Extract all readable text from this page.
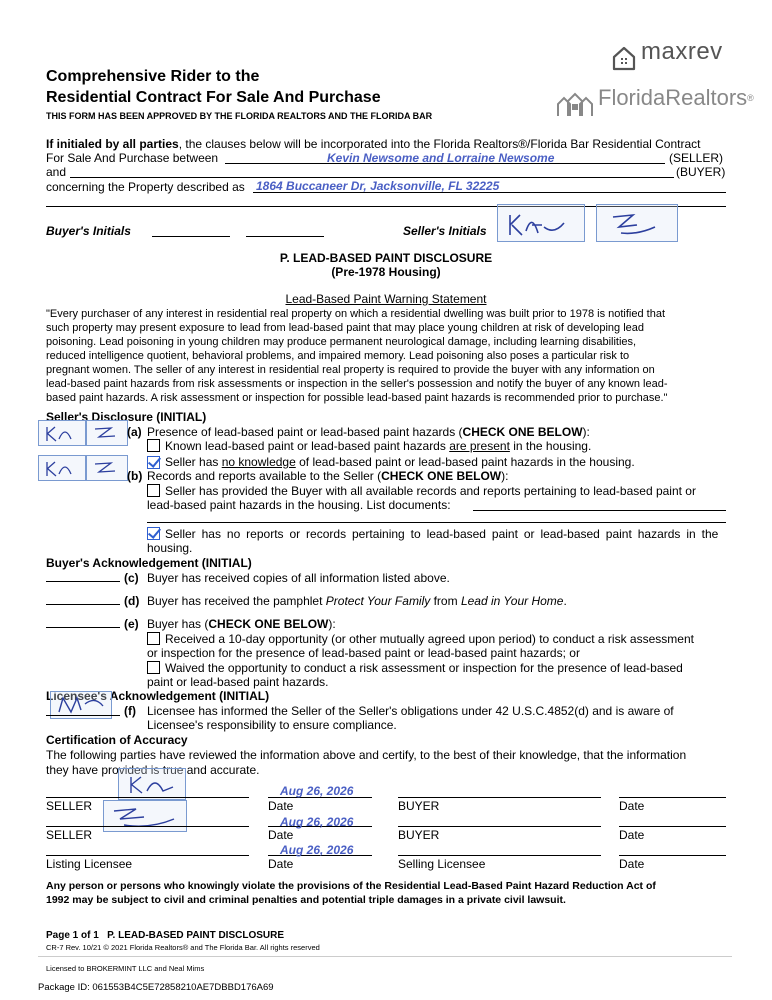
maxrev
FloridaRealtors®
Comprehensive Rider to the
Residential Contract For Sale And Purchase
THIS FORM HAS BEEN APPROVED BY THE FLORIDA REALTORS AND THE FLORIDA BAR
If initialed by all parties, the clauses below will be incorporated into the Florida Realtors®/Florida Bar Residential Contract
For Sale And Purchase between	Kevin Newsome and Lorraine Newsome	(SELLER)
and	(BUYER)
concerning the Property described as 1864 Buccaneer Dr, Jacksonville, FL 32225
Buyer's Initials	Seller's Initials
P. LEAD-BASED PAINT DISCLOSURE
(Pre-1978 Housing)
Lead-Based Paint Warning Statement
"Every purchaser of any interest in residential real property on which a residential dwelling was built prior to 1978 is notified that
such property may present exposure to lead from lead-based paint that may place young children at risk of developing lead
poisoning. Lead poisoning in young children may produce permanent neurological damage, including learning disabilities,
reduced intelligence quotient, behavioral problems, and impaired memory. Lead poisoning also poses a particular risk to
pregnant women. The seller of any interest in residential real property is required to provide the buyer with any information on
lead-based paint hazards from risk assessments or inspection in the seller's possession and notify the buyer of any known lead-
based paint hazards. A risk assessment or inspection for possible lead-based paint hazards is recommended prior to purchase."
Seller's Disclosure (INITIAL)
(a) Presence of lead-based paint or lead-based paint hazards (CHECK ONE BELOW):
Known lead-based paint or lead-based paint hazards are present in the housing.
Seller has no knowledge of lead-based paint or lead-based paint hazards in the housing.
(b) Records and reports available to the Seller (CHECK ONE BELOW):
Seller has provided the Buyer with all available records and reports pertaining to lead-based paint or
lead-based paint hazards in the housing. List documents:
Seller has no reports or records pertaining to lead-based paint or lead-based paint hazards in the
housing.
Buyer's Acknowledgement (INITIAL)
(c) Buyer has received copies of all information listed above.
(d) Buyer has received the pamphlet Protect Your Family from Lead in Your Home.
(e) Buyer has (CHECK ONE BELOW):
Received a 10-day opportunity (or other mutually agreed upon period) to conduct a risk assessment
or inspection for the presence of lead-based paint or lead-based paint hazards; or
Waived the opportunity to conduct a risk assessment or inspection for the presence of lead-based
paint or lead-based paint hazards.
Licensee's Acknowledgement (INITIAL)
(f) Licensee has informed the Seller of the Seller's obligations under 42 U.S.C.4852(d) and is aware of
Licensee's responsibility to ensure compliance.
Certification of Accuracy
The following parties have reviewed the information above and certify, to the best of their knowledge, that the information
they have provided is true and accurate.
Aug 26, 2026
SELLER	Date	BUYER	Date
Aug 26, 2026
SELLER	Date	BUYER	Date
Aug 26, 2026
Listing Licensee	Date	Selling Licensee	Date
Any person or persons who knowingly violate the provisions of the Residential Lead-Based Paint Hazard Reduction Act of
1992 may be subject to civil and criminal penalties and potential triple damages in a private civil lawsuit.
Page 1 of 1 P. LEAD-BASED PAINT DISCLOSURE
CR-7 Rev. 10/21 © 2021 Florida Realtors® and The Florida Bar. All rights reserved
Licensed to BROKERMINT LLC and Neal Mims
Package ID: 061553B4C5E72858210AE7DBBD176A69
